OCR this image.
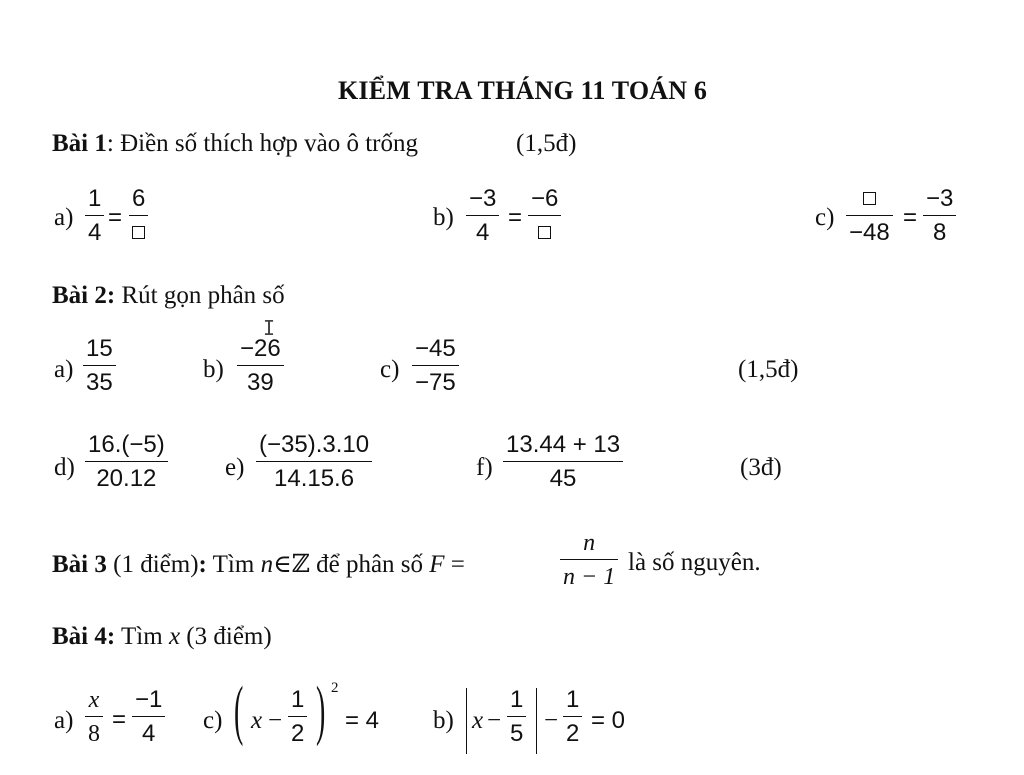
KIỂM TRA THÁNG 11 TOÁN 6
Bài 1: Điền số thích hợp vào ô trống	(1,5đ)
a)
1
4
=
6
b)
−3
4
=
−6
c)
−48
=
−3
8
Bài 2: Rút gọn phân số
a)
15
35	b)
−26
39
I
c)
−45
−75	(1,5đ)
d)
16.(−5)
20.12	e)
(−35).3.10
14.15.6	f)
13.44 + 13
45	(3đ)
Bài 3 (1 điểm): Tìm n∈ℤ để phân số F =
n
n − 1
là số nguyên.
Bài 4: Tìm x (3 điểm)
a)
x
8
=
−1
4 c) ( x −
1
2 ) 2
= 4 b) x −
1
5 −
1
2 = 0
